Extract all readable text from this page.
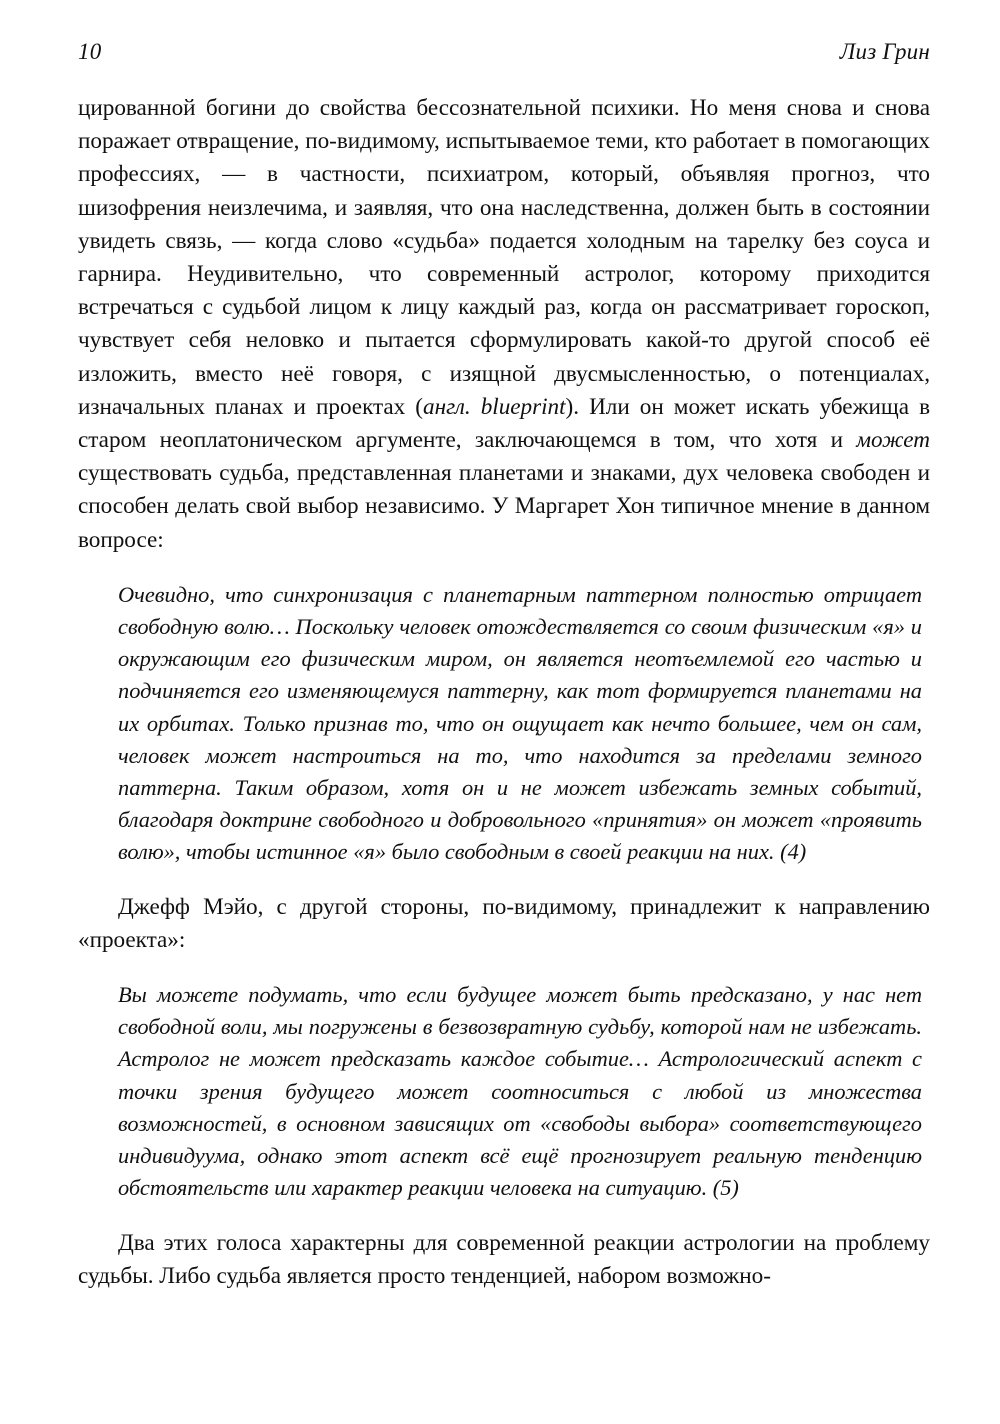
10	Лиз Грин

цированной богини до свойства бессознательной психики. Но меня снова и снова поражает отвращение, по-видимому, испытываемое теми, кто работает в помогающих профессиях, — в частности, психиатром, который, объявляя прогноз, что шизофрения неизлечима, и заявляя, что она наследственна, должен быть в состоянии увидеть связь, — когда слово «судьба» подается холодным на тарелку без соуса и гарнира. Неудивительно, что современный астролог, которому приходится встречаться с судьбой лицом к лицу каждый раз, когда он рассматривает гороскоп, чувствует себя неловко и пытается сформулировать какой-то другой способ её изложить, вместо неё говоря, с изящной двусмысленностью, о потенциалах, изначальных планах и проектах (англ. blueprint). Или он может искать убежища в старом неоплатоническом аргументе, заключающемся в том, что хотя и может существовать судьба, представленная планетами и знаками, дух человека свободен и способен делать свой выбор независимо. У Маргарет Хон типичное мнение в данном вопросе:

Очевидно, что синхронизация с планетарным паттерном полностью отрицает свободную волю… Поскольку человек отождествляется со своим физическим «я» и окружающим его физическим миром, он является неотъемлемой его частью и подчиняется его изменяющемуся паттерну, как тот формируется планетами на их орбитах. Только признав то, что он ощущает как нечто большее, чем он сам, человек может настроиться на то, что находится за пределами земного паттерна. Таким образом, хотя он и не может избежать земных событий, благодаря доктрине свободного и добровольного «принятия» он может «проявить волю», чтобы истинное «я» было свободным в своей реакции на них. (4)

Джефф Мэйо, с другой стороны, по-видимому, принадлежит к направлению «проекта»:

Вы можете подумать, что если будущее может быть предсказано, у нас нет свободной воли, мы погружены в безвозвратную судьбу, которой нам не избежать. Астролог не может предсказать каждое событие… Астрологический аспект с точки зрения будущего может соотноситься с любой из множества возможностей, в основном зависящих от «свободы выбора» соответствующего индивидуума, однако этот аспект всё ещё прогнозирует реальную тенденцию обстоятельств или характер реакции человека на ситуацию. (5)

Два этих голоса характерны для современной реакции астрологии на проблему судьбы. Либо судьба является просто тенденцией, набором возможно-
